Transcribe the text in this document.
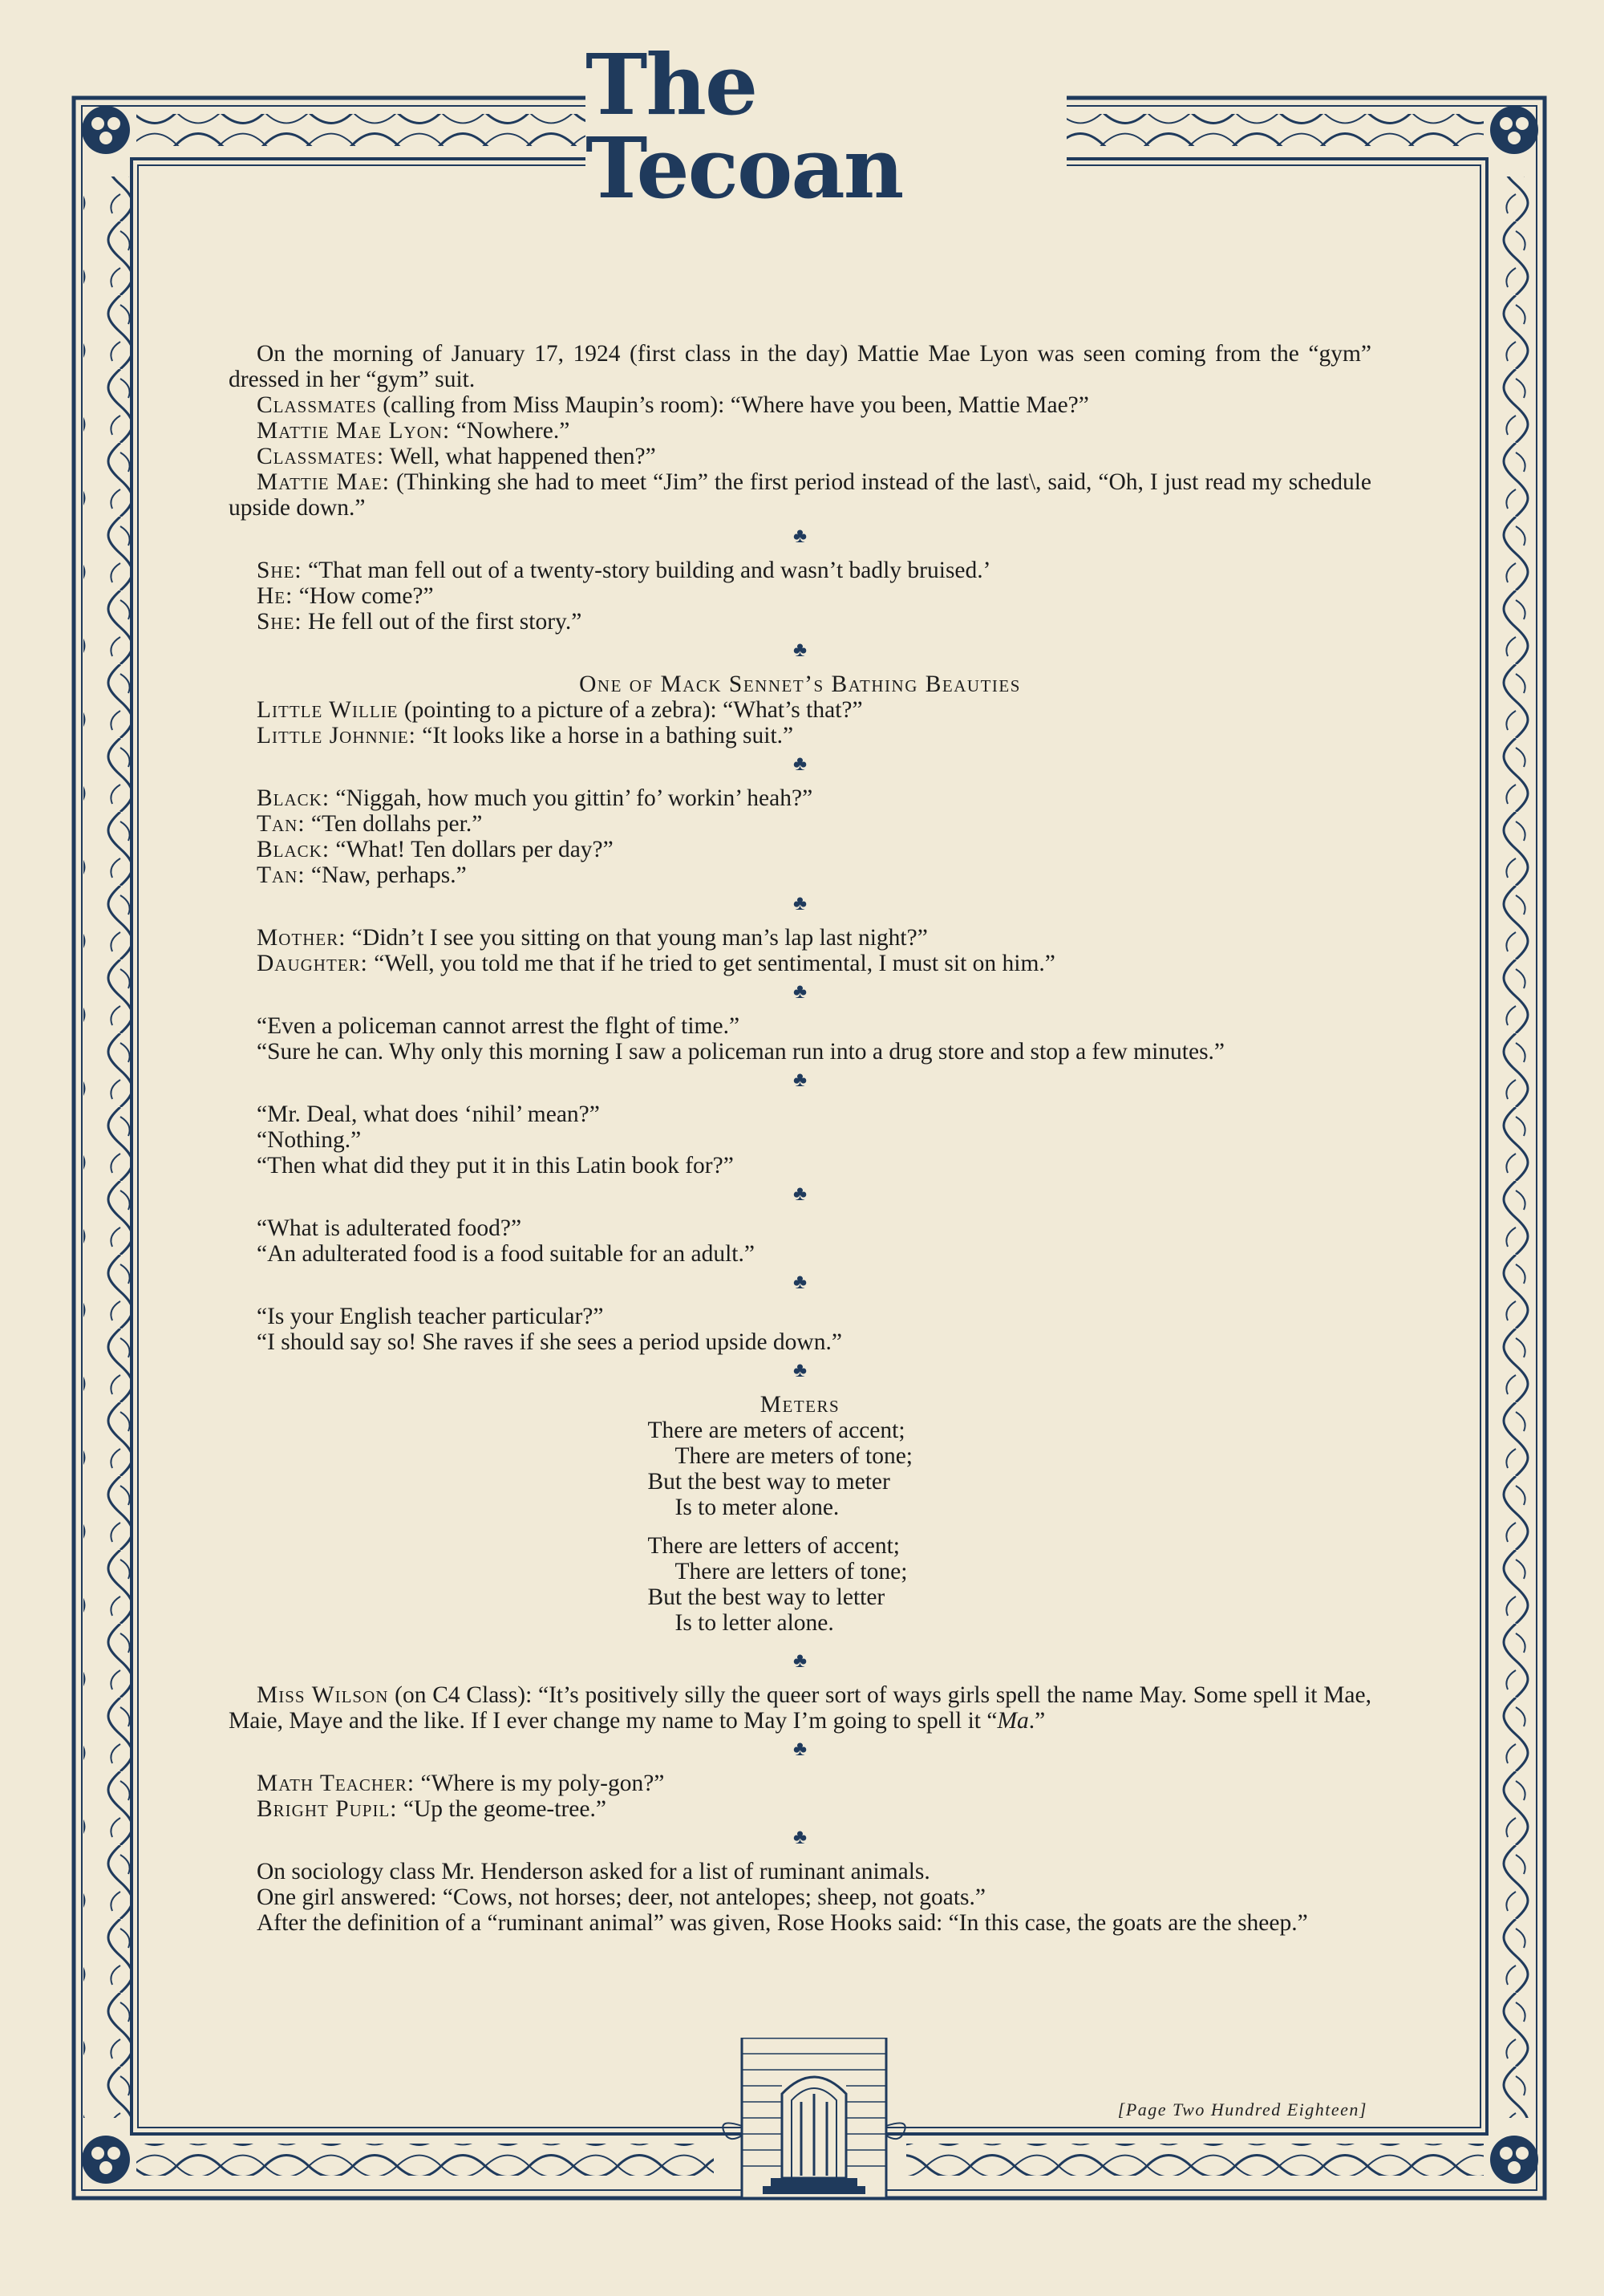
The Tecoan

On the morning of January 17, 1924 (first class in the day) Mattie Mae Lyon was seen coming from the “gym” dressed in her “gym” suit.

Classmates (calling from Miss Maupin’s room): “Where have you been, Mattie Mae?”

Mattie Mae Lyon: “Nowhere.”

Classmates: Well, what happened then?”

Mattie Mae: (Thinking she had to meet “Jim” the first period instead of the last\, said, “Oh, I just read my schedule upside down.”

♣

She: “That man fell out of a twenty-story building and wasn’t badly bruised.’

He: “How come?”

She: He fell out of the first story.”

♣

One of Mack Sennet’s Bathing Beauties

Little Willie (pointing to a picture of a zebra): “What’s that?”

Little Johnnie: “It looks like a horse in a bathing suit.”

♣

Black: “Niggah, how much you gittin’ fo’ workin’ heah?”

Tan: “Ten dollahs per.”

Black: “What! Ten dollars per day?”

Tan: “Naw, perhaps.”

♣

Mother: “Didn’t I see you sitting on that young man’s lap last night?”

Daughter: “Well, you told me that if he tried to get sentimental, I must sit on him.”

♣

“Even a policeman cannot arrest the flght of time.”

“Sure he can. Why only this morning I saw a policeman run into a drug store and stop a few minutes.”

♣

“Mr. Deal, what does ‘nihil’ mean?”

“Nothing.”

“Then what did they put it in this Latin book for?”

♣

“What is adulterated food?”

“An adulterated food is a food suitable for an adult.”

♣

“Is your English teacher particular?”

“I should say so! She raves if she sees a period upside down.”

♣

Meters

There are meters of accent;

There are meters of tone;

But the best way to meter

Is to meter alone.

There are letters of accent;

There are letters of tone;

But the best way to letter

Is to letter alone.

♣

Miss Wilson (on C4 Class): “It’s positively silly the queer sort of ways girls spell the name May. Some spell it Mae, Maie, Maye and the like. If I ever change my name to May I’m going to spell it “Ma.”

♣

Math Teacher: “Where is my poly-gon?”

Bright Pupil: “Up the geome-tree.”

♣

On sociology class Mr. Henderson asked for a list of ruminant animals.

One girl answered: “Cows, not horses; deer, not antelopes; sheep, not goats.”

After the definition of a “ruminant animal” was given, Rose Hooks said: “In this case, the goats are the sheep.”

[Page Two Hundred Eighteen]
